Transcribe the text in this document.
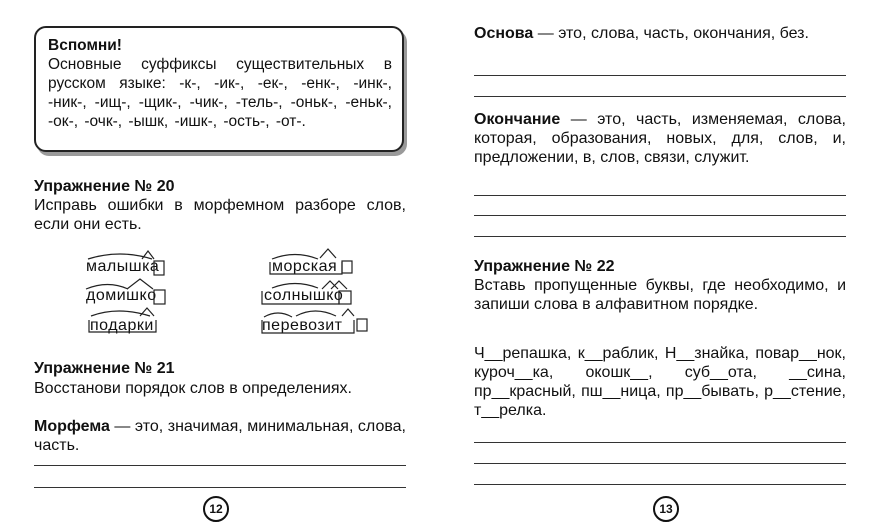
Вспомни!
Основные суффиксы существительных в русском языке: -к-, -ик-, -ек-, -енк-, -инк-, -ник-, -ищ-, -щик-, -чик-, -тель-, -оньк-, -еньк-, -ок-, -очк-, -ышк, -ишк-, -ость-, -от-.
Упражнение № 20
Исправь ошибки в морфемном разборе слов, если они есть.
малышка
домишко
подарки
морская
солнышко
перевозит
Упражнение № 21
Восстанови порядок слов в определениях.
Морфема — это, значимая, минимальная, слова, часть.
12
Основа — это, слова, часть, окончания, без.
Окончание — это, часть, изменяемая, слова, которая, образования, новых, для, слов, и, предложении, в, слов, связи, служит.
Упражнение № 22
Вставь пропущенные буквы, где необходимо, и запиши слова в алфавитном порядке.
Ч__репашка, к__раблик, Н__знайка, повар__нок, куроч__ка, окошк__, суб__ота, __сина, пр__красный, пш__ница, пр__бывать, р__стение, т__релка.
13
